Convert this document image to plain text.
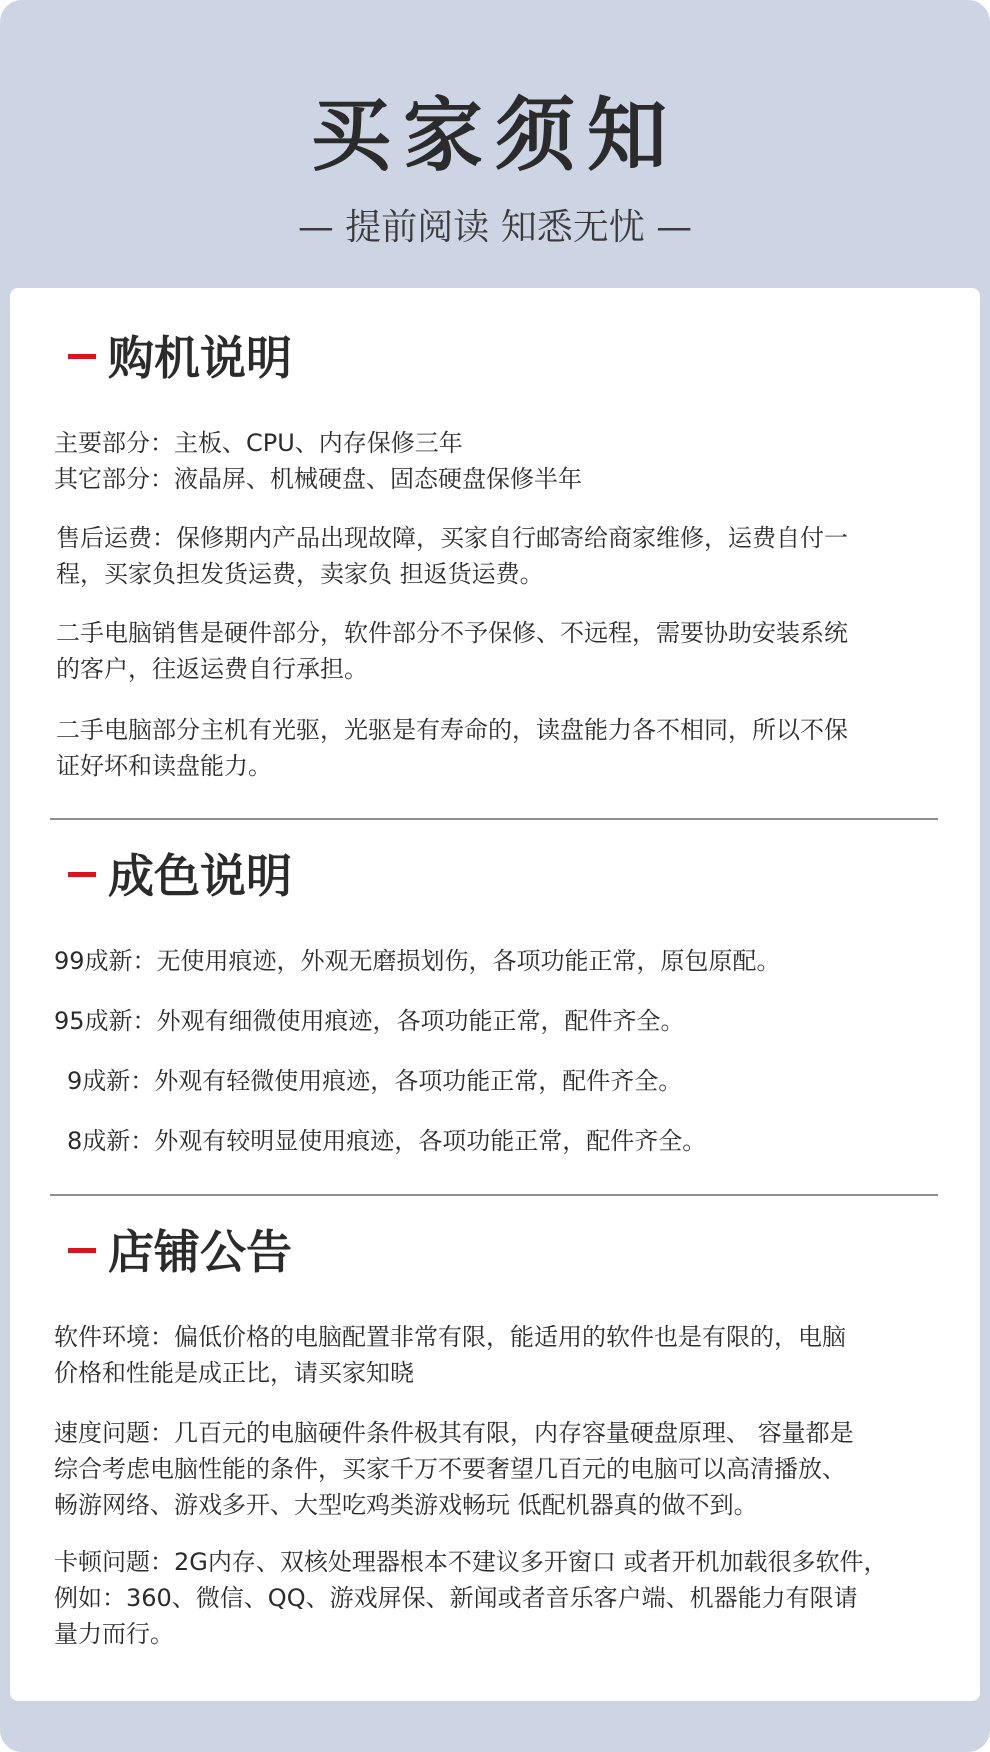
买家须知
— 提前阅读 知悉无忧 —
购机说明
主要部分：主板、CPU、内存保修三年
其它部分：液晶屏、机械硬盘、固态硬盘保修半年
售后运费：保修期内产品出现故障，买家自行邮寄给商家维修，运费自付一
程，买家负担发货运费，卖家负 担返货运费。
二手电脑销售是硬件部分，软件部分不予保修、不远程，需要协助安装系统
的客户，往返运费自行承担。
二手电脑部分主机有光驱，光驱是有寿命的，读盘能力各不相同，所以不保
证好坏和读盘能力。
成色说明
99成新：无使用痕迹，外观无磨损划伤，各项功能正常，原包原配。
95成新：外观有细微使用痕迹，各项功能正常，配件齐全。
9成新：外观有轻微使用痕迹，各项功能正常，配件齐全。
8成新：外观有较明显使用痕迹，各项功能正常，配件齐全。
店铺公告
软件环境：偏低价格的电脑配置非常有限，能适用的软件也是有限的，电脑
价格和性能是成正比，请买家知晓
速度问题：几百元的电脑硬件条件极其有限，内存容量硬盘原理、 容量都是
综合考虑电脑性能的条件，买家千万不要奢望几百元的电脑可以高清播放、
畅游网络、游戏多开、大型吃鸡类游戏畅玩 低配机器真的做不到。
卡顿问题：2G内存、双核处理器根本不建议多开窗口 或者开机加载很多软件，
例如：360、微信、QQ、游戏屏保、新闻或者音乐客户端、机器能力有限请
量力而行。
